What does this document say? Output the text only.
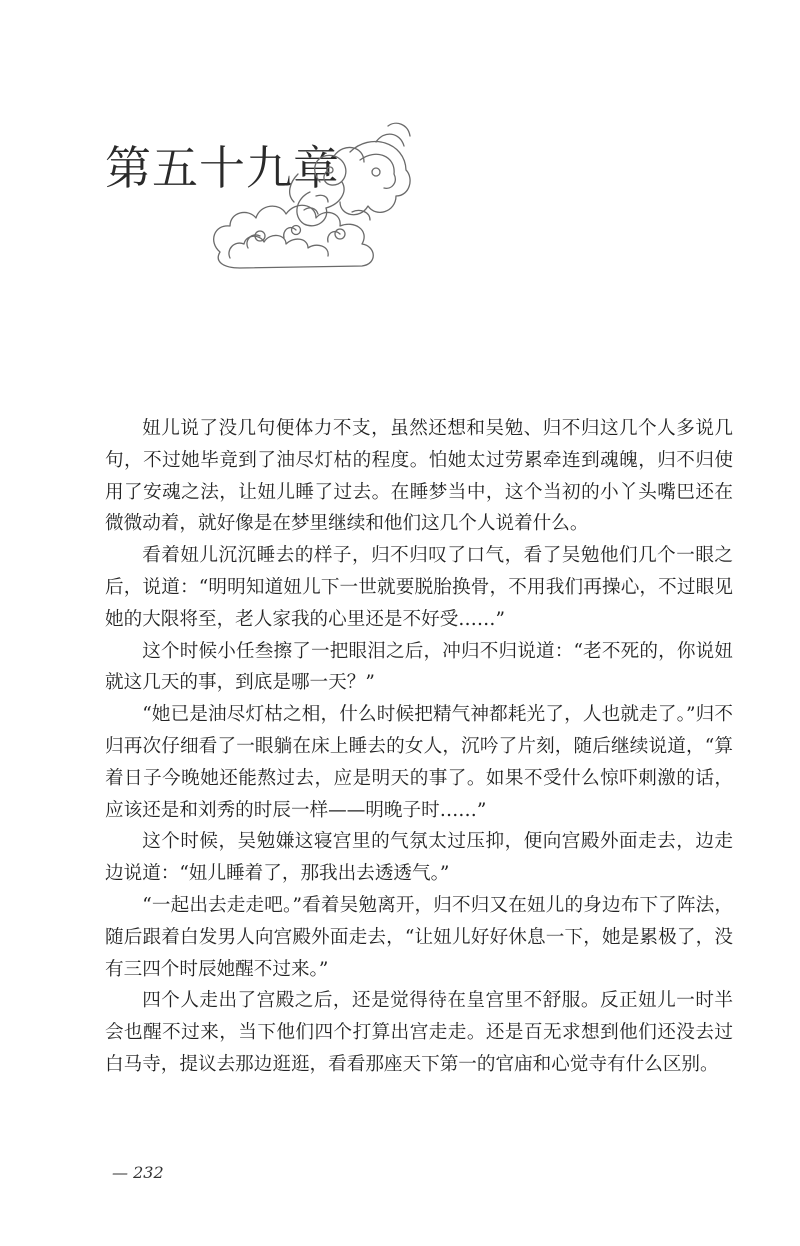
第五十九章

妞儿说了没几句便体力不支，虽然还想和吴勉、归不归这几个人多说几句，不过她毕竟到了油尽灯枯的程度。怕她太过劳累牵连到魂魄，归不归使用了安魂之法，让妞儿睡了过去。在睡梦当中，这个当初的小丫头嘴巴还在微微动着，就好像是在梦里继续和他们这几个人说着什么。

看着妞儿沉沉睡去的样子，归不归叹了口气，看了吴勉他们几个一眼之后，说道：“明明知道妞儿下一世就要脱胎换骨，不用我们再操心，不过眼见她的大限将至，老人家我的心里还是不好受……”

这个时候小任叁擦了一把眼泪之后，冲归不归说道：“老不死的，你说妞就这几天的事，到底是哪一天？”

“她已是油尽灯枯之相，什么时候把精气神都耗光了，人也就走了。”归不归再次仔细看了一眼躺在床上睡去的女人，沉吟了片刻，随后继续说道，“算着日子今晚她还能熬过去，应是明天的事了。如果不受什么惊吓刺激的话，应该还是和刘秀的时辰一样——明晚子时……”

这个时候，吴勉嫌这寝宫里的气氛太过压抑，便向宫殿外面走去，边走边说道：“妞儿睡着了，那我出去透透气。”

“一起出去走走吧。”看着吴勉离开，归不归又在妞儿的身边布下了阵法，随后跟着白发男人向宫殿外面走去，“让妞儿好好休息一下，她是累极了，没有三四个时辰她醒不过来。”

四个人走出了宫殿之后，还是觉得待在皇宫里不舒服。反正妞儿一时半会也醒不过来，当下他们四个打算出宫走走。还是百无求想到他们还没去过白马寺，提议去那边逛逛，看看那座天下第一的官庙和心觉寺有什么区别。

— 232
